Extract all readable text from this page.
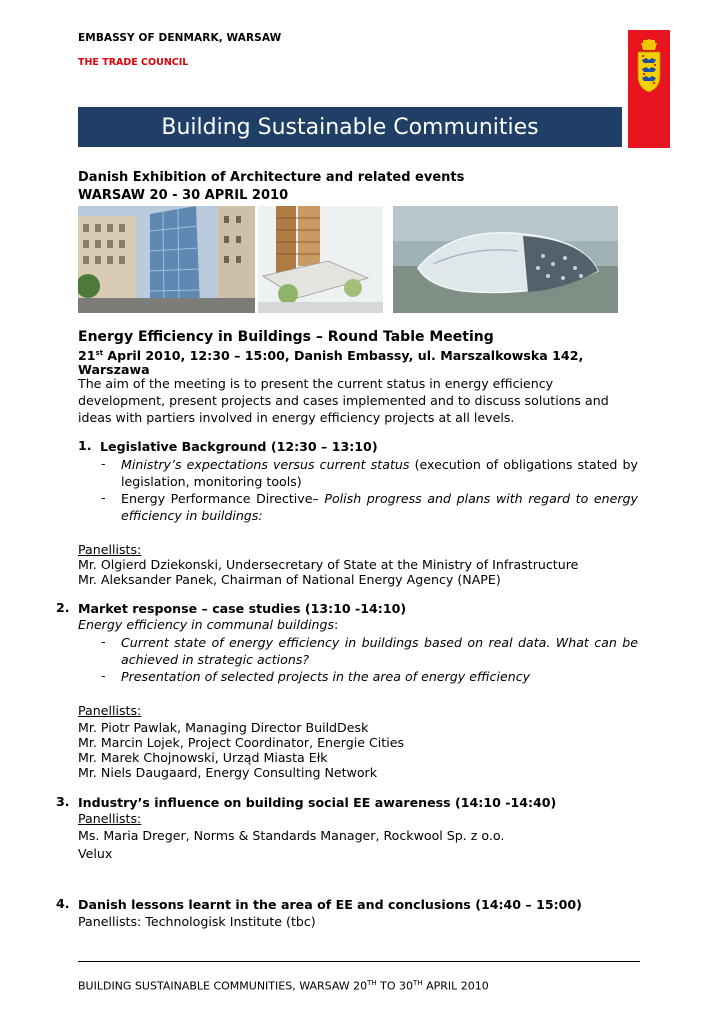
EMBASSY OF DENMARK, WARSAW
THE TRADE COUNCIL
Building Sustainable Communities
Danish Exhibition of Architecture and related events
WARSAW 20 - 30 APRIL 2010
Energy Efficiency in Buildings – Round Table Meeting
21st April 2010, 12:30 – 15:00, Danish Embassy, ul. Marszalkowska 142,
Warszawa
The aim of the meeting is to present the current status in energy efficiency development, present projects and cases implemented and to discuss solutions and ideas with partiers involved in energy efficiency projects at all levels.
1. Legislative Background (12:30 – 13:10)
- Ministry’s expectations versus current status (execution of obligations stated by legislation, monitoring tools)
- Energy Performance Directive– Polish progress and plans with regard to energy efficiency in buildings:
Panellists:
Mr. Olgierd Dziekonski, Undersecretary of State at the Ministry of Infrastructure
Mr. Aleksander Panek, Chairman of National Energy Agency (NAPE)
2. Market response – case studies (13:10 -14:10)
Energy efficiency in communal buildings:
- Current state of energy efficiency in buildings based on real data. What can be achieved in strategic actions?
- Presentation of selected projects in the area of energy efficiency
Panellists:
Mr. Piotr Pawlak, Managing Director BuildDesk
Mr. Marcin Lojek, Project Coordinator, Energie Cities
Mr. Marek Chojnowski, Urząd Miasta Ełk
Mr. Niels Daugaard, Energy Consulting Network
3. Industry’s influence on building social EE awareness (14:10 -14:40)
Panellists:
Ms. Maria Dreger, Norms & Standards Manager, Rockwool Sp. z o.o.
Velux
4. Danish lessons learnt in the area of EE and conclusions (14:40 – 15:00)
Panellists: Technologisk Institute (tbc)
BUILDING SUSTAINABLE COMMUNITIES, WARSAW 20TH TO 30TH APRIL 2010
